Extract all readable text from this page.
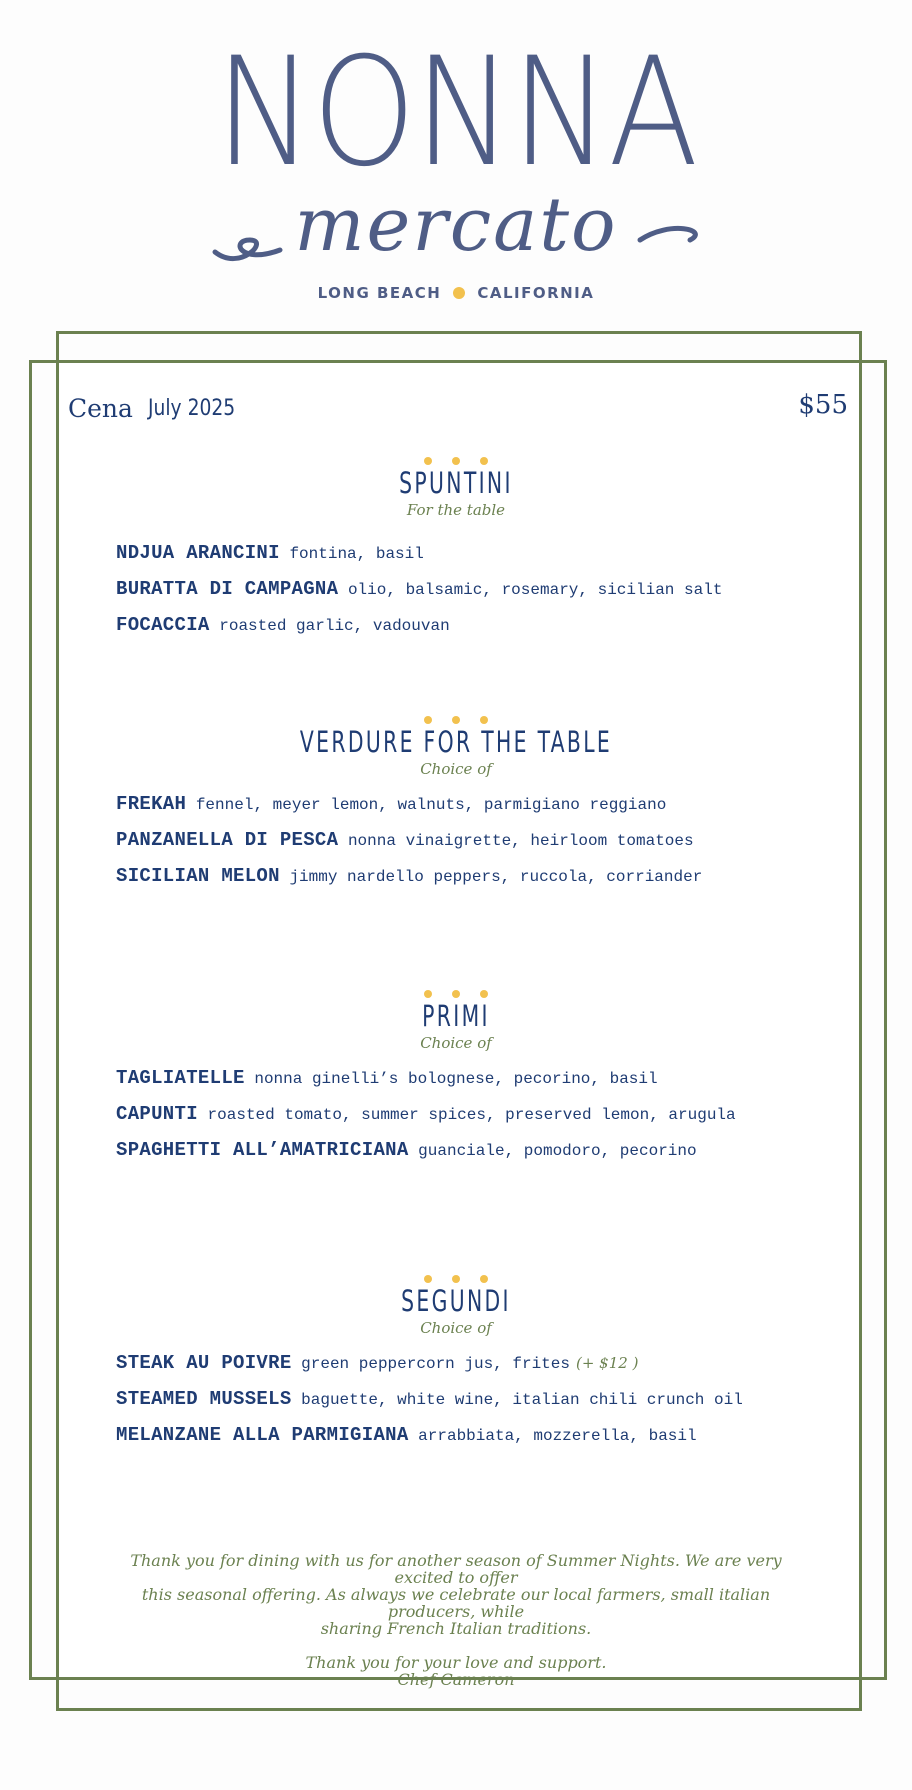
NONNA
mercato
LONG BEACH CALIFORNIA
Cena July 2025	$55
SPUNTINI
For the table
NDJUA ARANCINI fontina, basil
BURATTA DI CAMPAGNA olio, balsamic, rosemary, sicilian salt
FOCACCIA roasted garlic, vadouvan
VERDURE FOR THE TABLE
Choice of
FREKAH fennel, meyer lemon, walnuts, parmigiano reggiano
PANZANELLA DI PESCA nonna vinaigrette, heirloom tomatoes
SICILIAN MELON jimmy nardello peppers, ruccola, corriander
PRIMI
Choice of
TAGLIATELLE nonna ginelli’s bolognese, pecorino, basil
CAPUNTI roasted tomato, summer spices, preserved lemon, arugula
SPAGHETTI ALL’AMATRICIANA guanciale, pomodoro, pecorino
SEGUNDI
Choice of
STEAK AU POIVRE green peppercorn jus, frites (+ $12 )
STEAMED MUSSELS baguette, white wine, italian chili crunch oil
MELANZANE ALLA PARMIGIANA arrabbiata, mozzerella, basil
Thank you for dining with us for another season of Summer Nights. We are very excited to offer
this seasonal offering. As always we celebrate our local farmers, small italian producers, while
sharing French Italian traditions.
Thank you for your love and support.
Chef Cameron
